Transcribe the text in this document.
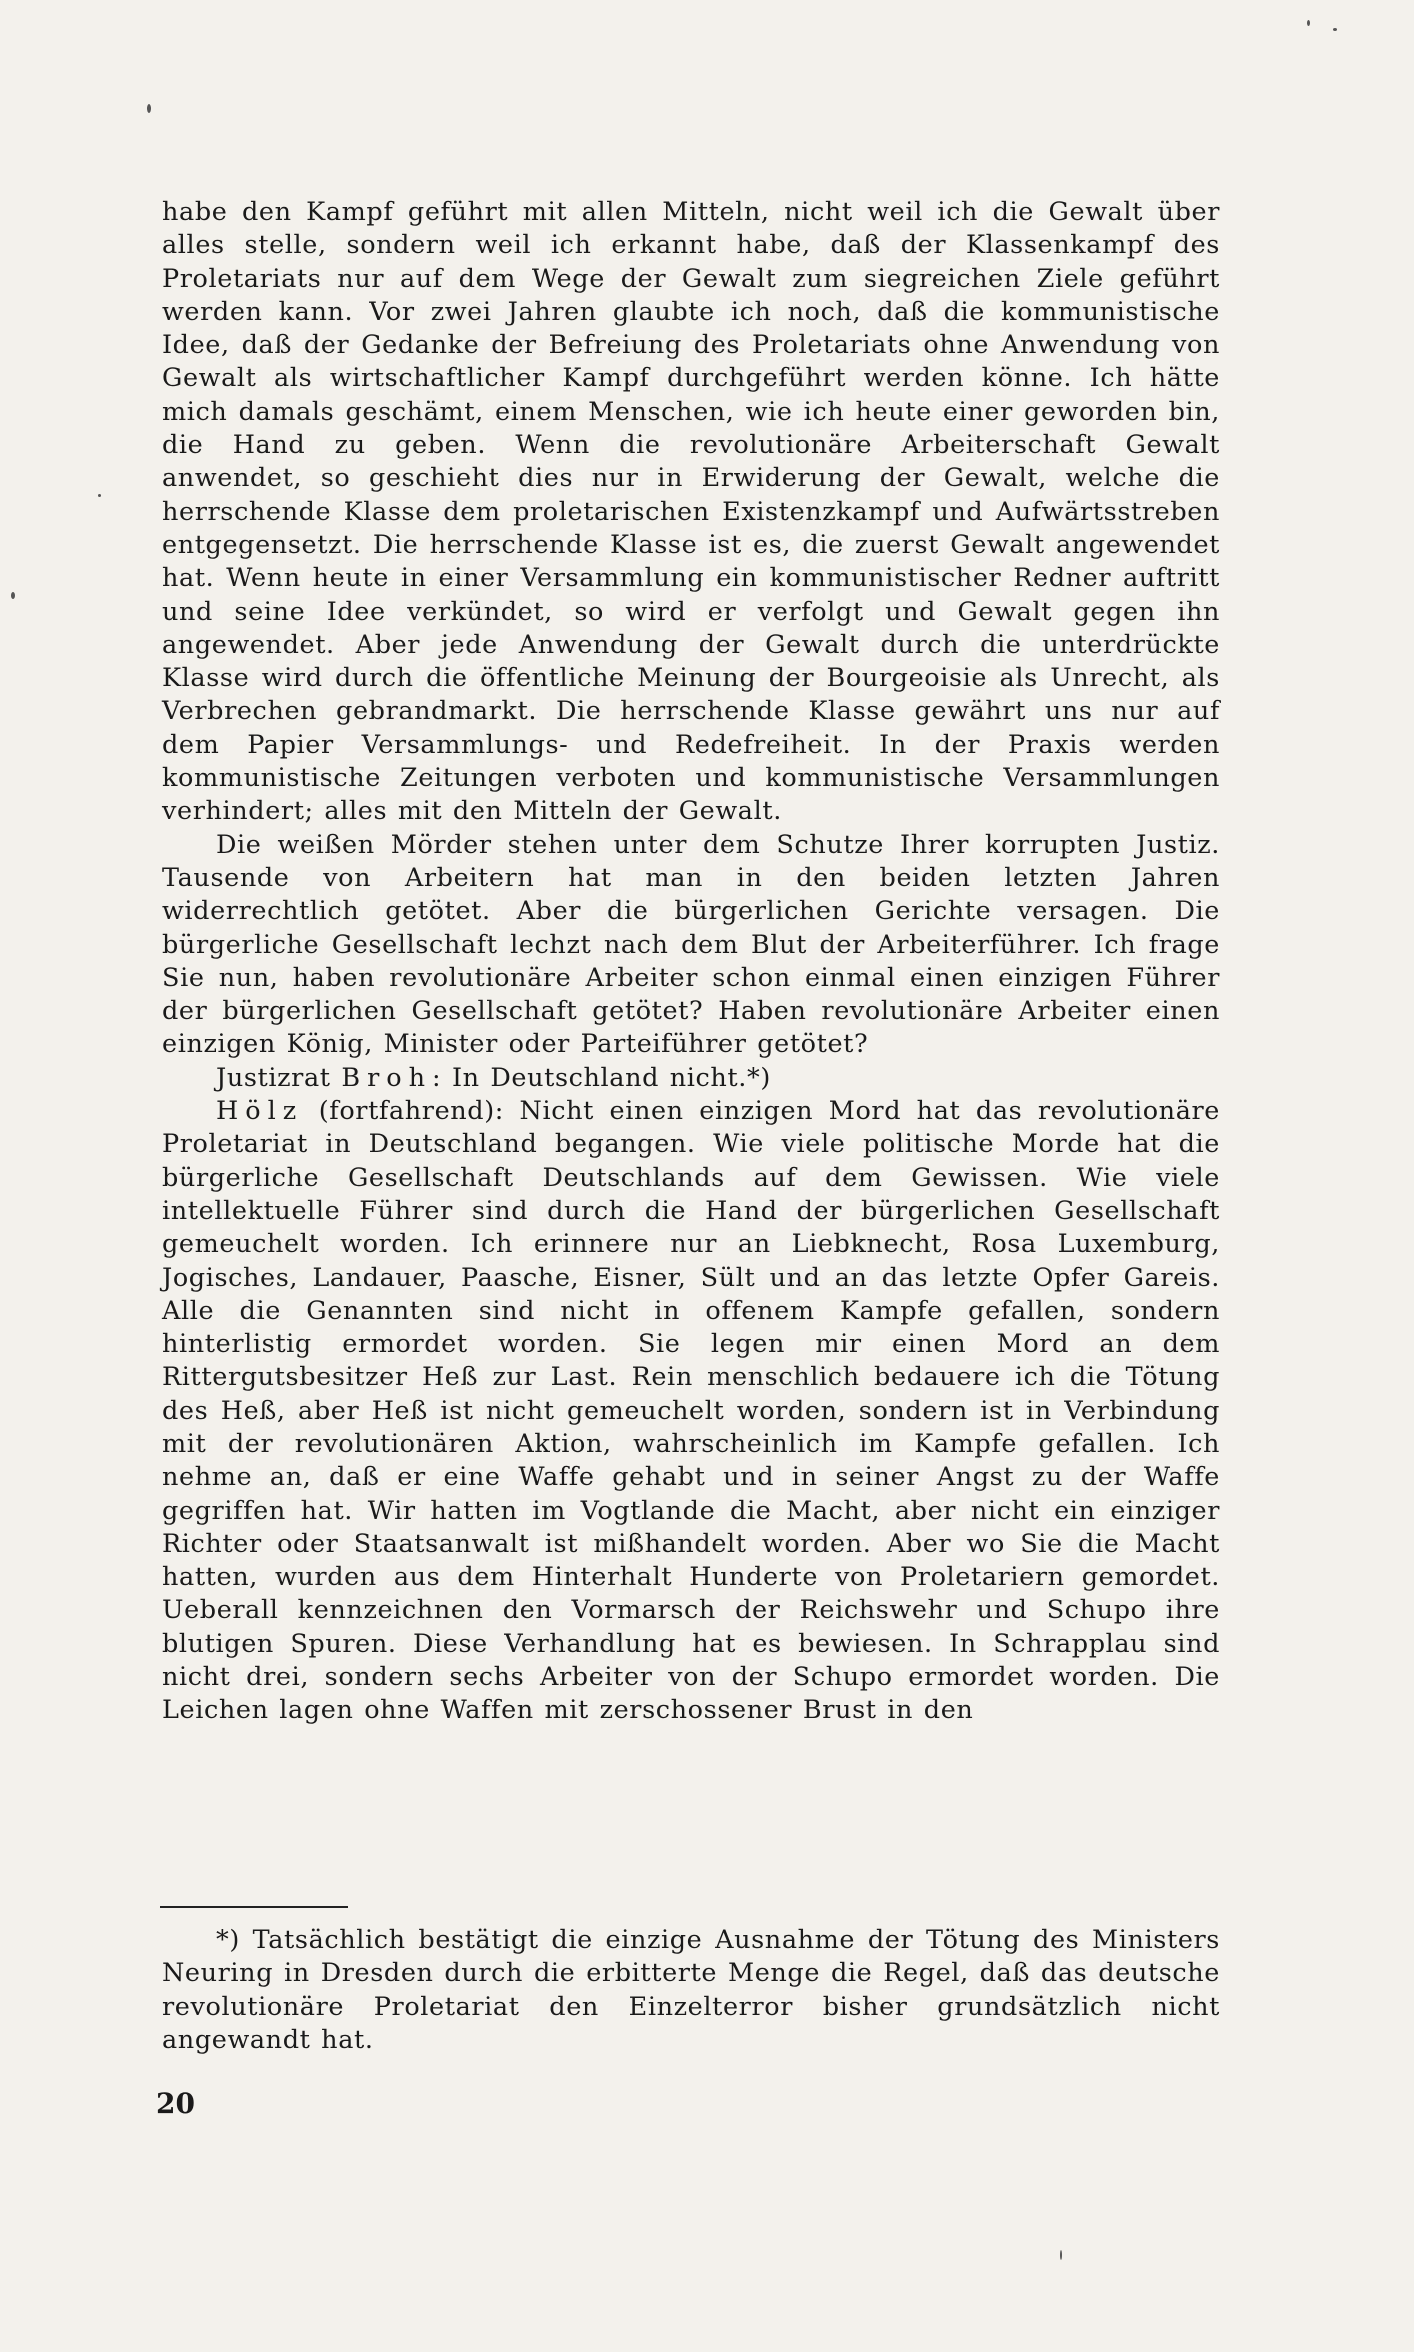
habe den Kampf geführt mit allen Mitteln, nicht weil ich die Gewalt über alles stelle, sondern weil ich erkannt habe, daß der Klassenkampf des Proletariats nur auf dem Wege der Gewalt zum siegreichen Ziele geführt werden kann. Vor zwei Jahren glaubte ich noch, daß die kommunistische Idee, daß der Gedanke der Befreiung des Proletariats ohne Anwendung von Gewalt als wirtschaftlicher Kampf durchgeführt werden könne. Ich hätte mich damals geschämt, einem Menschen, wie ich heute einer geworden bin, die Hand zu geben. Wenn die revolutionäre Arbeiterschaft Gewalt anwendet, so geschieht dies nur in Erwiderung der Gewalt, welche die herrschende Klasse dem proletarischen Existenzkampf und Aufwärtsstreben entgegensetzt. Die herrschende Klasse ist es, die zuerst Gewalt angewendet hat. Wenn heute in einer Versammlung ein kommunistischer Redner auftritt und seine Idee verkündet, so wird er verfolgt und Gewalt gegen ihn angewendet. Aber jede Anwendung der Gewalt durch die unterdrückte Klasse wird durch die öffentliche Meinung der Bourgeoisie als Unrecht, als Verbrechen gebrandmarkt. Die herrschende Klasse gewährt uns nur auf dem Papier Versammlungs- und Redefreiheit. In der Praxis werden kommunistische Zeitungen verboten und kommunistische Versammlungen verhindert; alles mit den Mitteln der Gewalt.

Die weißen Mörder stehen unter dem Schutze Ihrer korrupten Justiz. Tausende von Arbeitern hat man in den beiden letzten Jahren widerrechtlich getötet. Aber die bürgerlichen Gerichte versagen. Die bürgerliche Gesellschaft lechzt nach dem Blut der Arbeiterführer. Ich frage Sie nun, haben revolutionäre Arbeiter schon einmal einen einzigen Führer der bürgerlichen Gesellschaft getötet? Haben revolutionäre Arbeiter einen einzigen König, Minister oder Parteiführer getötet?

Justizrat Broh: In Deutschland nicht.*)

Hölz (fortfahrend): Nicht einen einzigen Mord hat das revolutionäre Proletariat in Deutschland begangen. Wie viele politische Morde hat die bürgerliche Gesellschaft Deutschlands auf dem Gewissen. Wie viele intellektuelle Führer sind durch die Hand der bürgerlichen Gesellschaft gemeuchelt worden. Ich erinnere nur an Liebknecht, Rosa Luxemburg, Jogisches, Landauer, Paasche, Eisner, Sült und an das letzte Opfer Gareis. Alle die Genannten sind nicht in offenem Kampfe gefallen, sondern hinterlistig ermordet worden. Sie legen mir einen Mord an dem Rittergutsbesitzer Heß zur Last. Rein menschlich bedauere ich die Tötung des Heß, aber Heß ist nicht gemeuchelt worden, sondern ist in Verbindung mit der revolutionären Aktion, wahrscheinlich im Kampfe gefallen. Ich nehme an, daß er eine Waffe gehabt und in seiner Angst zu der Waffe gegriffen hat. Wir hatten im Vogtlande die Macht, aber nicht ein einziger Richter oder Staatsanwalt ist mißhandelt worden. Aber wo Sie die Macht hatten, wurden aus dem Hinterhalt Hunderte von Proletariern gemordet. Ueberall kennzeichnen den Vormarsch der Reichswehr und Schupo ihre blutigen Spuren. Diese Verhandlung hat es bewiesen. In Schrapplau sind nicht drei, sondern sechs Arbeiter von der Schupo ermordet worden. Die Leichen lagen ohne Waffen mit zerschossener Brust in den

*) Tatsächlich bestätigt die einzige Ausnahme der Tötung des Ministers Neuring in Dresden durch die erbitterte Menge die Regel, daß das deutsche revolutionäre Proletariat den Einzelterror bisher grundsätzlich nicht angewandt hat.

20
